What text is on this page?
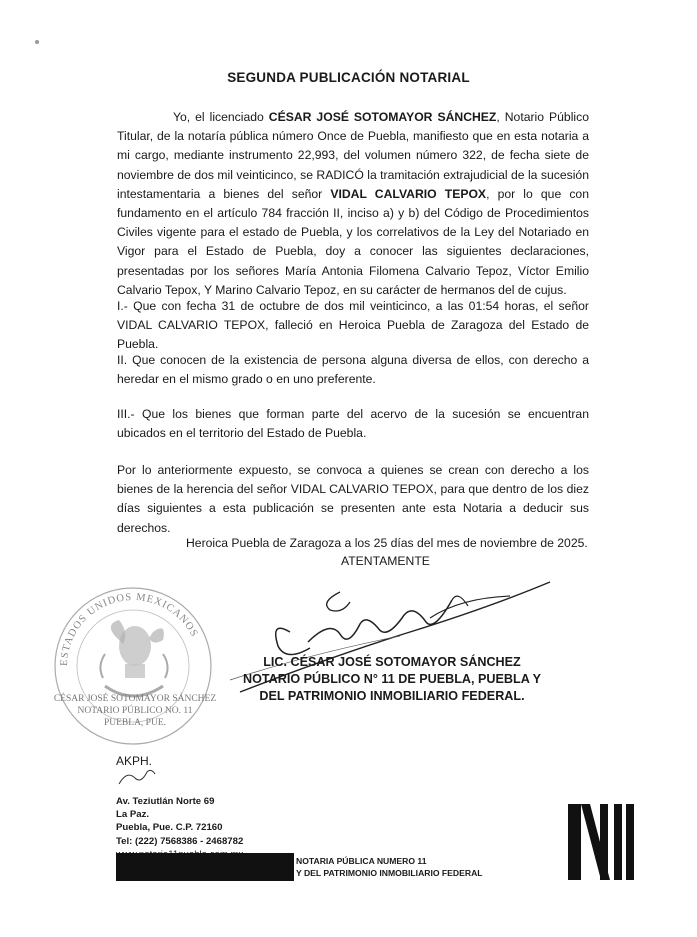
SEGUNDA PUBLICACIÓN NOTARIAL
Yo, el licenciado CÉSAR JOSÉ SOTOMAYOR SÁNCHEZ, Notario Público Titular, de la notaría pública número Once de Puebla, manifiesto que en esta notaria a mi cargo, mediante instrumento 22,993, del volumen número 322, de fecha siete de noviembre de dos mil veinticinco, se RADICÓ la tramitación extrajudicial de la sucesión intestamentaria a bienes del señor VIDAL CALVARIO TEPOX, por lo que con fundamento en el artículo 784 fracción II, inciso a) y b) del Código de Procedimientos Civiles vigente para el estado de Puebla, y los correlativos de la Ley del Notariado en Vigor para el Estado de Puebla, doy a conocer las siguientes declaraciones, presentadas por los señores María Antonia Filomena Calvario Tepoz, Víctor Emilio Calvario Tepox, Y Marino Calvario Tepoz, en su carácter de hermanos del de cujus.
I.- Que con fecha 31 de octubre de dos mil veinticinco, a las 01:54 horas, el señor VIDAL CALVARIO TEPOX, falleció en Heroica Puebla de Zaragoza del Estado de Puebla.
II. Que conocen de la existencia de persona alguna diversa de ellos, con derecho a heredar en el mismo grado o en uno preferente.
III.- Que los bienes que forman parte del acervo de la sucesión se encuentran ubicados en el territorio del Estado de Puebla.
Por lo anteriormente expuesto, se convoca a quienes se crean con derecho a los bienes de la herencia del señor VIDAL CALVARIO TEPOX, para que dentro de los diez días siguientes a esta publicación se presenten ante esta Notaria a deducir sus derechos.
Heroica Puebla de Zaragoza a los 25 días del mes de noviembre de 2025.
ATENTAMENTE
ESTADOS UNIDOS MEXICANOS
CÉSAR JOSÉ SOTOMAYOR SÁNCHEZ
NOTARIO PÚBLICO NO. 11
PUEBLA, PUE.
LIC. CÉSAR JOSÉ SOTOMAYOR SÁNCHEZ
NOTARIO PÚBLICO N° 11 DE PUEBLA, PUEBLA Y
DEL PATRIMONIO INMOBILIARIO FEDERAL.
AKPH.
Av. Teziutlán Norte 69
La Paz.
Puebla, Pue. C.P. 72160
Tel: (222) 7568386 - 2468782
NOTARIA PÚBLICA NUMERO 11
Y DEL PATRIMONIO INMOBILIARIO FEDERAL
